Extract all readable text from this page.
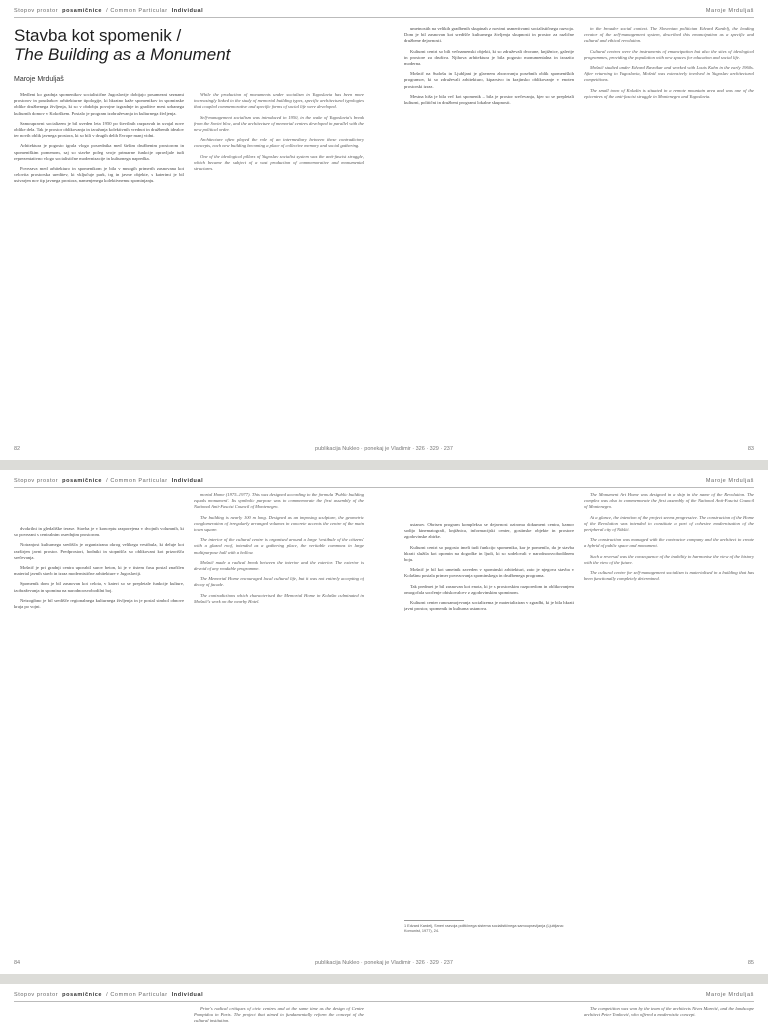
Stopov prostor posamičnice / Common Particular Individual	Maroje Mrduljaš
Stavba kot spomenik /
The Building as a Monument
Maroje Mrduljaš

Medleni ko gradnja spomenikov socialistične Jugoslavije dobijajo posamezni seznami prostorov in poudarkov arhitekturne tipologije, ki hkratno kaže spomenikov in spominske oblike družbenega življenja, ki so v obdobju povojne izgradnje in graditve mest urbanega kulturnih domov v Kokoškem. Postalo je program izobraževanja in kulturnega življenja.

Samoupravni socializem je bil uveden leta 1950 po številnih razpravah in uvajal nove oblike dela. Tak je prostor oblikovanja in izražanja kolektivnih vrednot in družbenih idealov ter novih oblik javnega prostora, ki so bili v drugih delih Evrope manj vidni.

Arhitektura je pogosto igrala vlogo posrednika med širšim družbenim prostorom in spomeniškim pomenom, saj so stavbe poleg svoje primarne funkcije opravljale tudi reprezentativno vlogo socialistične modernizacije in kulturnega napredka.

Povezava med arhitekturo in spomenikom je bila v mnogih primerih zasnovana kot celovita prostorska ureditev, ki vključuje park, trg in javne objekte, s katerimi je bil ustvarjen nov tip javnega prostora, namenjenega kolektivnemu spominjanju.

While the production of monuments under socialism in Yugoslavia has been more increasingly linked to the study of memorial building types, specific architectural typologies that coupled commemorative and specific forms of social life were developed.

Self-management socialism was introduced in 1950, in the wake of Yugoslavia's break from the Soviet bloc, and the architecture of memorial centres developed in parallel with the new political order.

Architecture often played the role of an intermediary between these contradictory concepts, each new building becoming a place of collective memory and social gathering.

One of the ideological pillars of Yugoslav socialist system was the anti-fascist struggle, which became the subject of a vast production of commemorative and monumental structures.

umetnostih na velikih gradbenih skupinah z novimi usmeritvami socialističnega razvoja. Dom je bil zasnovan kot središče kulturnega življenja skupnosti in prostor za različne družbene dejavnosti.

Kulturni centri so bili večnamenski objekti, ki so združevali dvorane, knjižnice, galerije in prostore za društva. Njihova arhitektura je bila pogosto monumentalna in izrazito moderna.

Mošnič na Sudošu in Ljubljani je glavnem zborovanju posebnih oblik spomeniških programov, ki so združevali arhitekturo, kiparstvo in krajinsko oblikovanje v enoten prostorski izraz.

Mestna hiša je bila več kot spomenik – bila je prostor srečevanja, kjer so se prepletali kulturni, politični in družbeni programi lokalne skupnosti.

in the broader social context. The Slovenian politician Edvard Kardelj, the leading creator of the self-management system, described this emancipation as a specific and cultural and ethical revolution.

Cultural centres were the instruments of emancipation but also the sites of ideological programmes, providing the population with new spaces for education and social life.

Mošnič studied under Edvard Ravnikar and worked with Louis Kahn in the early 1960s. After returning to Yugoslavia, Mošnič was extensively involved in Yugoslav architectural competitions.

The small town of Kolašin is situated in a remote mountain area and was one of the epicentres of the anti-fascist struggle in Montenegro and Yugoslavia.

82	publikacija Nukleo · ponekaj je Vladimir · 326 · 329 · 237	83
Stopov prostor posamičnice / Common Particular Individual	Maroje Mrduljaš

dvokrilni in gledališke terase. Stavba je v konceptu razporejena v dvojnih volumnih, ki so povezani s centralnim osrednjim prostorom.

Notranjost kulturnega središča je organizirana okrog velikega vestibula, ki deluje kot razširjen javni prostor. Predprostori, hodniki in stopnišča so oblikovani kot prizorišča srečevanja.

Mošnič je pri gradnji centra uporabil surov beton, ki je v tistem času postal značilen material javnih stavb in izraz modernistične arhitekture v Jugoslaviji.

Spomenik dom je bil zasnovan kot celota, v kateri so se prepletale funkcije kulture, izobraževanja in spomina na narodnoosvobodilni boj.

Neizogibno je bil središče regionalnega kulturnega življenja in je postal simbol obnove kraja po vojni.

mortal Home (1975–1977). This was designed according to the formula 'Public building equals monument'. Its symbolic purpose was to commemorate the first assembly of the National Anti-Fascist Council of Montenegro.

The building is nearly 100 m long. Designed as an imposing sculpture, the geometric conglomeration of irregularly arranged volumes in concrete accents the centre of the main town square.

The interior of the cultural centre is organised around a large 'vestibule of the citizens' with a glazed roof, intended as a gathering place, the veritable commons in large multipurpose hall with a hollow.

Mošnič made a radical break between the interior and the exterior. The exterior is devoid of any readable programme.

The Memorial Home encouraged local cultural life, but it was not entirely accepting of decay of facade.

The contradictions which characterised the Memorial Home in Kolašin culminated in Mošnič's work on the nearby Hotel.

ustanov. Obrisen program kompleksa se dejavnost oziroma dokument centra, kamor sodijo kinematografi, knjižnica, informacijski center, gostinske objekte in prostore zgodovinske zbirke.

Kulturni centri so pogosto imeli tudi funkcijo spomenika, kar je pomenilo, da je stavba hkrati služila kot opomin na dogodke in ljudi, ki so sodelovali v narodnoosvobodilnem boju.

Mošnič je bil kot umetnik zaveden v spominski arhitekturi, zato je njegova stavba v Kolašinu postala primer povezovanja spominskega in družbenega programa.

Tak predmet je bil zasnovan kot enota, ki je s prostorskim razporedom in oblikovanjem omogočala soočenje obiskovalcev z zgodovinskim spominom.

Kulturni center ranosamojevanja socializema je materializiran v zgradbi, ki je bila hkrati javni prostor, spomenik in kulturna ustanova.

1 Edvard Kardelj, Smeri razvoja političnega sistema socialističnega samoupravljanja (Ljubljana: Komunist, 1977), 24.

The Monument Art Home was designed in a ship in the name of the Revolution. The complex was also to commemorate the first assembly of the National Anti-Fascist Council of Montenegro.

At a glance, the intention of the project seems progressive. The construction of the Home of the Revolution was intended to constitute a part of cohesive modernisation of the peripheral city of Nikšić.

The construction was managed with the contractor company and the architect to create a hybrid of public space and monument.

Such a reversal was the consequence of the inability to harmonise the view of the history with the view of the future.

The cultural centre for self-management socialism is materialised in a building that has been functionally completely determined.

84	publikacija Nukleo · ponekaj je Vladimir · 326 · 329 · 237	85
Stopov prostor posamičnice / Common Particular Individual	Maroje Mrduljaš

Prior's radical critiques of civic centres and at the same time as the design of Centre Pompidou in Paris. The project that aimed to fundamentally reform the concept of the cultural institution.

The competition was won by the team of the architects Nives Maretić, and the landscape architect Peter Tonković, who offered a modernistic concept.
